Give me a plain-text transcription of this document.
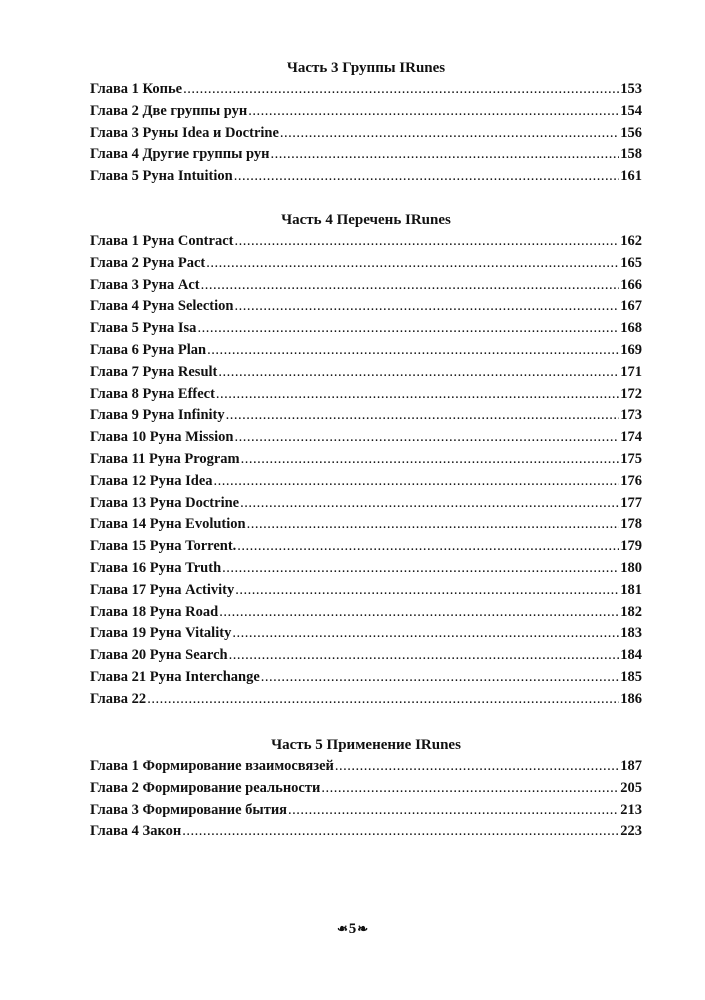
Часть 3 Группы IRunes
Глава 1 Копье .....	153
Глава 2 Две группы рун .....	154
Глава 3 Руны Idea и Doctrine .....	156
Глава 4 Другие группы рун .....	158
Глава 5 Руна Intuition .....	161
Часть 4 Перечень IRunes
Глава 1 Руна Contract .....	162
Глава 2 Руна Pact .....	165
Глава 3 Руна Act .....	166
Глава 4 Руна Selection .....	167
Глава 5 Руна Isa .....	168
Глава 6 Руна Plan .....	169
Глава 7 Руна Result .....	171
Глава 8 Руна Effect .....	172
Глава 9 Руна Infinity .....	173
Глава 10 Руна Mission .....	174
Глава 11 Руна Program .....	175
Глава 12 Руна Idea .....	176
Глава 13 Руна Doctrine .....	177
Глава 14 Руна Evolution .....	178
Глава 15 Руна Torrent. .....	179
Глава 16 Руна Truth .....	180
Глава 17 Руна Activity .....	181
Глава 18 Руна Road .....	182
Глава 19 Руна Vitality .....	183
Глава 20 Руна Search .....	184
Глава 21 Руна Interchange .....	185
Глава 22 .....	186
Часть 5 Применение IRunes
Глава 1 Формирование взаимосвязей .....	187
Глава 2 Формирование реальности .....	205
Глава 3 Формирование бытия .....	213
Глава 4 Закон .....	223
❧5❧
